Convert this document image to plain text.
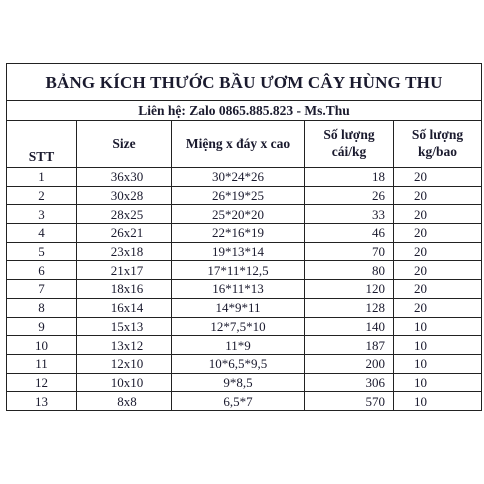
BẢNG KÍCH THƯỚC BẦU ƯƠM CÂY HÙNG THU				
Liên hệ: Zalo 0865.885.823 - Ms.Thu				
STT	Size	Miệng x đáy x cao	Số lượng cái/kg	Số lượng kg/bao
1	36x30	30*24*26	18	20
2	30x28	26*19*25	26	20
3	28x25	25*20*20	33	20
4	26x21	22*16*19	46	20
5	23x18	19*13*14	70	20
6	21x17	17*11*12,5	80	20
7	18x16	16*11*13	120	20
8	16x14	14*9*11	128	20
9	15x13	12*7,5*10	140	10
10	13x12	11*9	187	10
11	12x10	10*6,5*9,5	200	10
12	10x10	9*8,5	306	10
13	8x8	6,5*7	570	10
